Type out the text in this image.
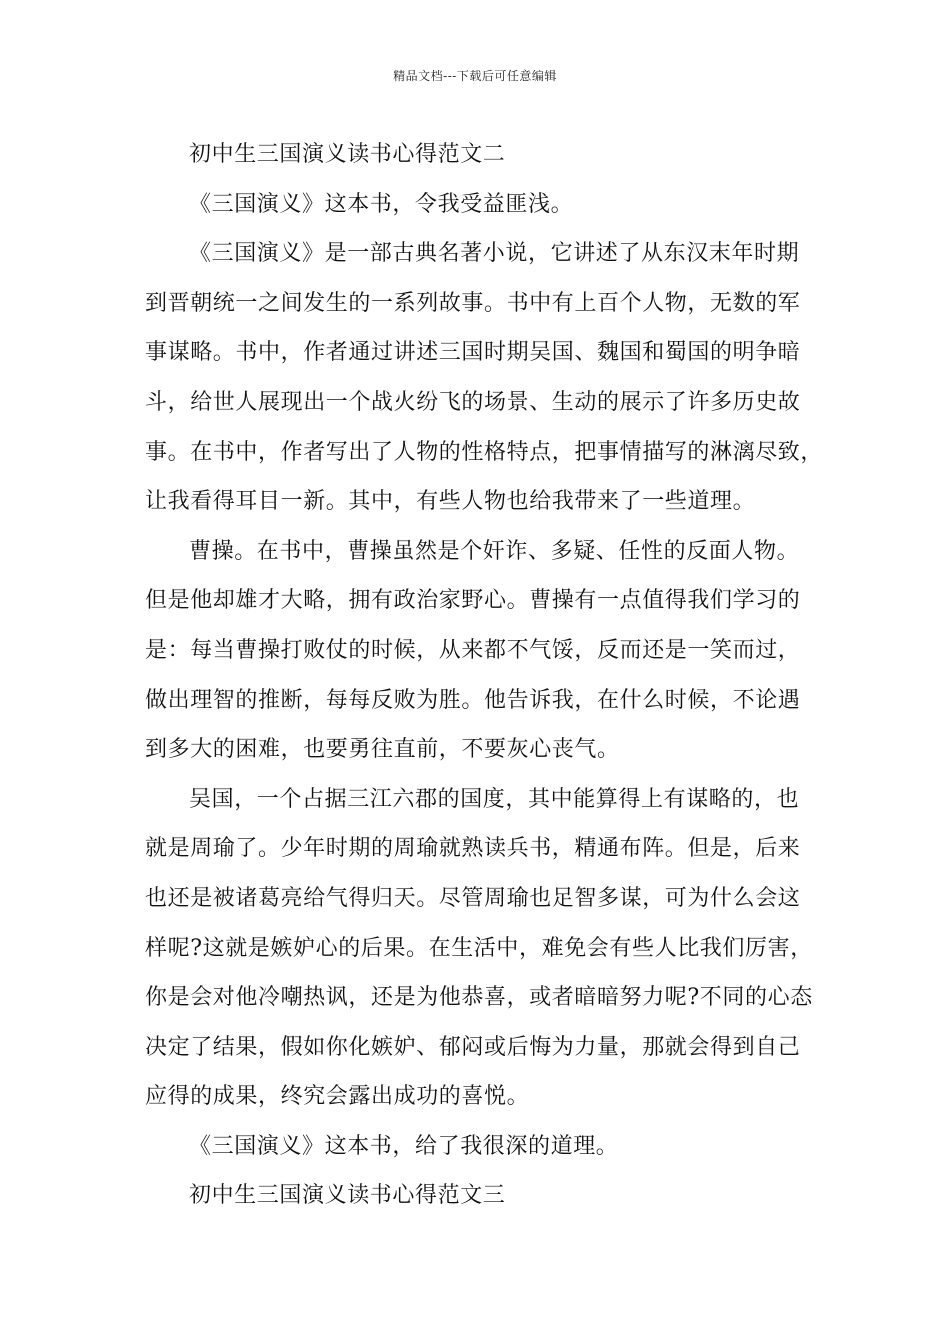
精品文档---下载后可任意编辑
初中生三国演义读书心得范文二
《三国演义》这本书，令我受益匪浅。
《三国演义》是一部古典名著小说，它讲述了从东汉末年时期
到晋朝统一之间发生的一系列故事。书中有上百个人物，无数的军
事谋略。书中，作者通过讲述三国时期吴国、魏国和蜀国的明争暗
斗，给世人展现出一个战火纷飞的场景、生动的展示了许多历史故
事。在书中，作者写出了人物的性格特点，把事情描写的淋漓尽致，
让我看得耳目一新。其中，有些人物也给我带来了一些道理。
曹操。在书中，曹操虽然是个奸诈、多疑、任性的反面人物。
但是他却雄才大略，拥有政治家野心。曹操有一点值得我们学习的
是：每当曹操打败仗的时候，从来都不气馁，反而还是一笑而过，
做出理智的推断，每每反败为胜。他告诉我，在什么时候，不论遇
到多大的困难，也要勇往直前，不要灰心丧气。
吴国，一个占据三江六郡的国度，其中能算得上有谋略的，也
就是周瑜了。少年时期的周瑜就熟读兵书，精通布阵。但是，后来
也还是被诸葛亮给气得归天。尽管周瑜也足智多谋，可为什么会这
样呢?这就是嫉妒心的后果。在生活中，难免会有些人比我们厉害，
你是会对他冷嘲热讽，还是为他恭喜，或者暗暗努力呢?不同的心态
决定了结果，假如你化嫉妒、郁闷或后悔为力量，那就会得到自己
应得的成果，终究会露出成功的喜悦。
《三国演义》这本书，给了我很深的道理。
初中生三国演义读书心得范文三
